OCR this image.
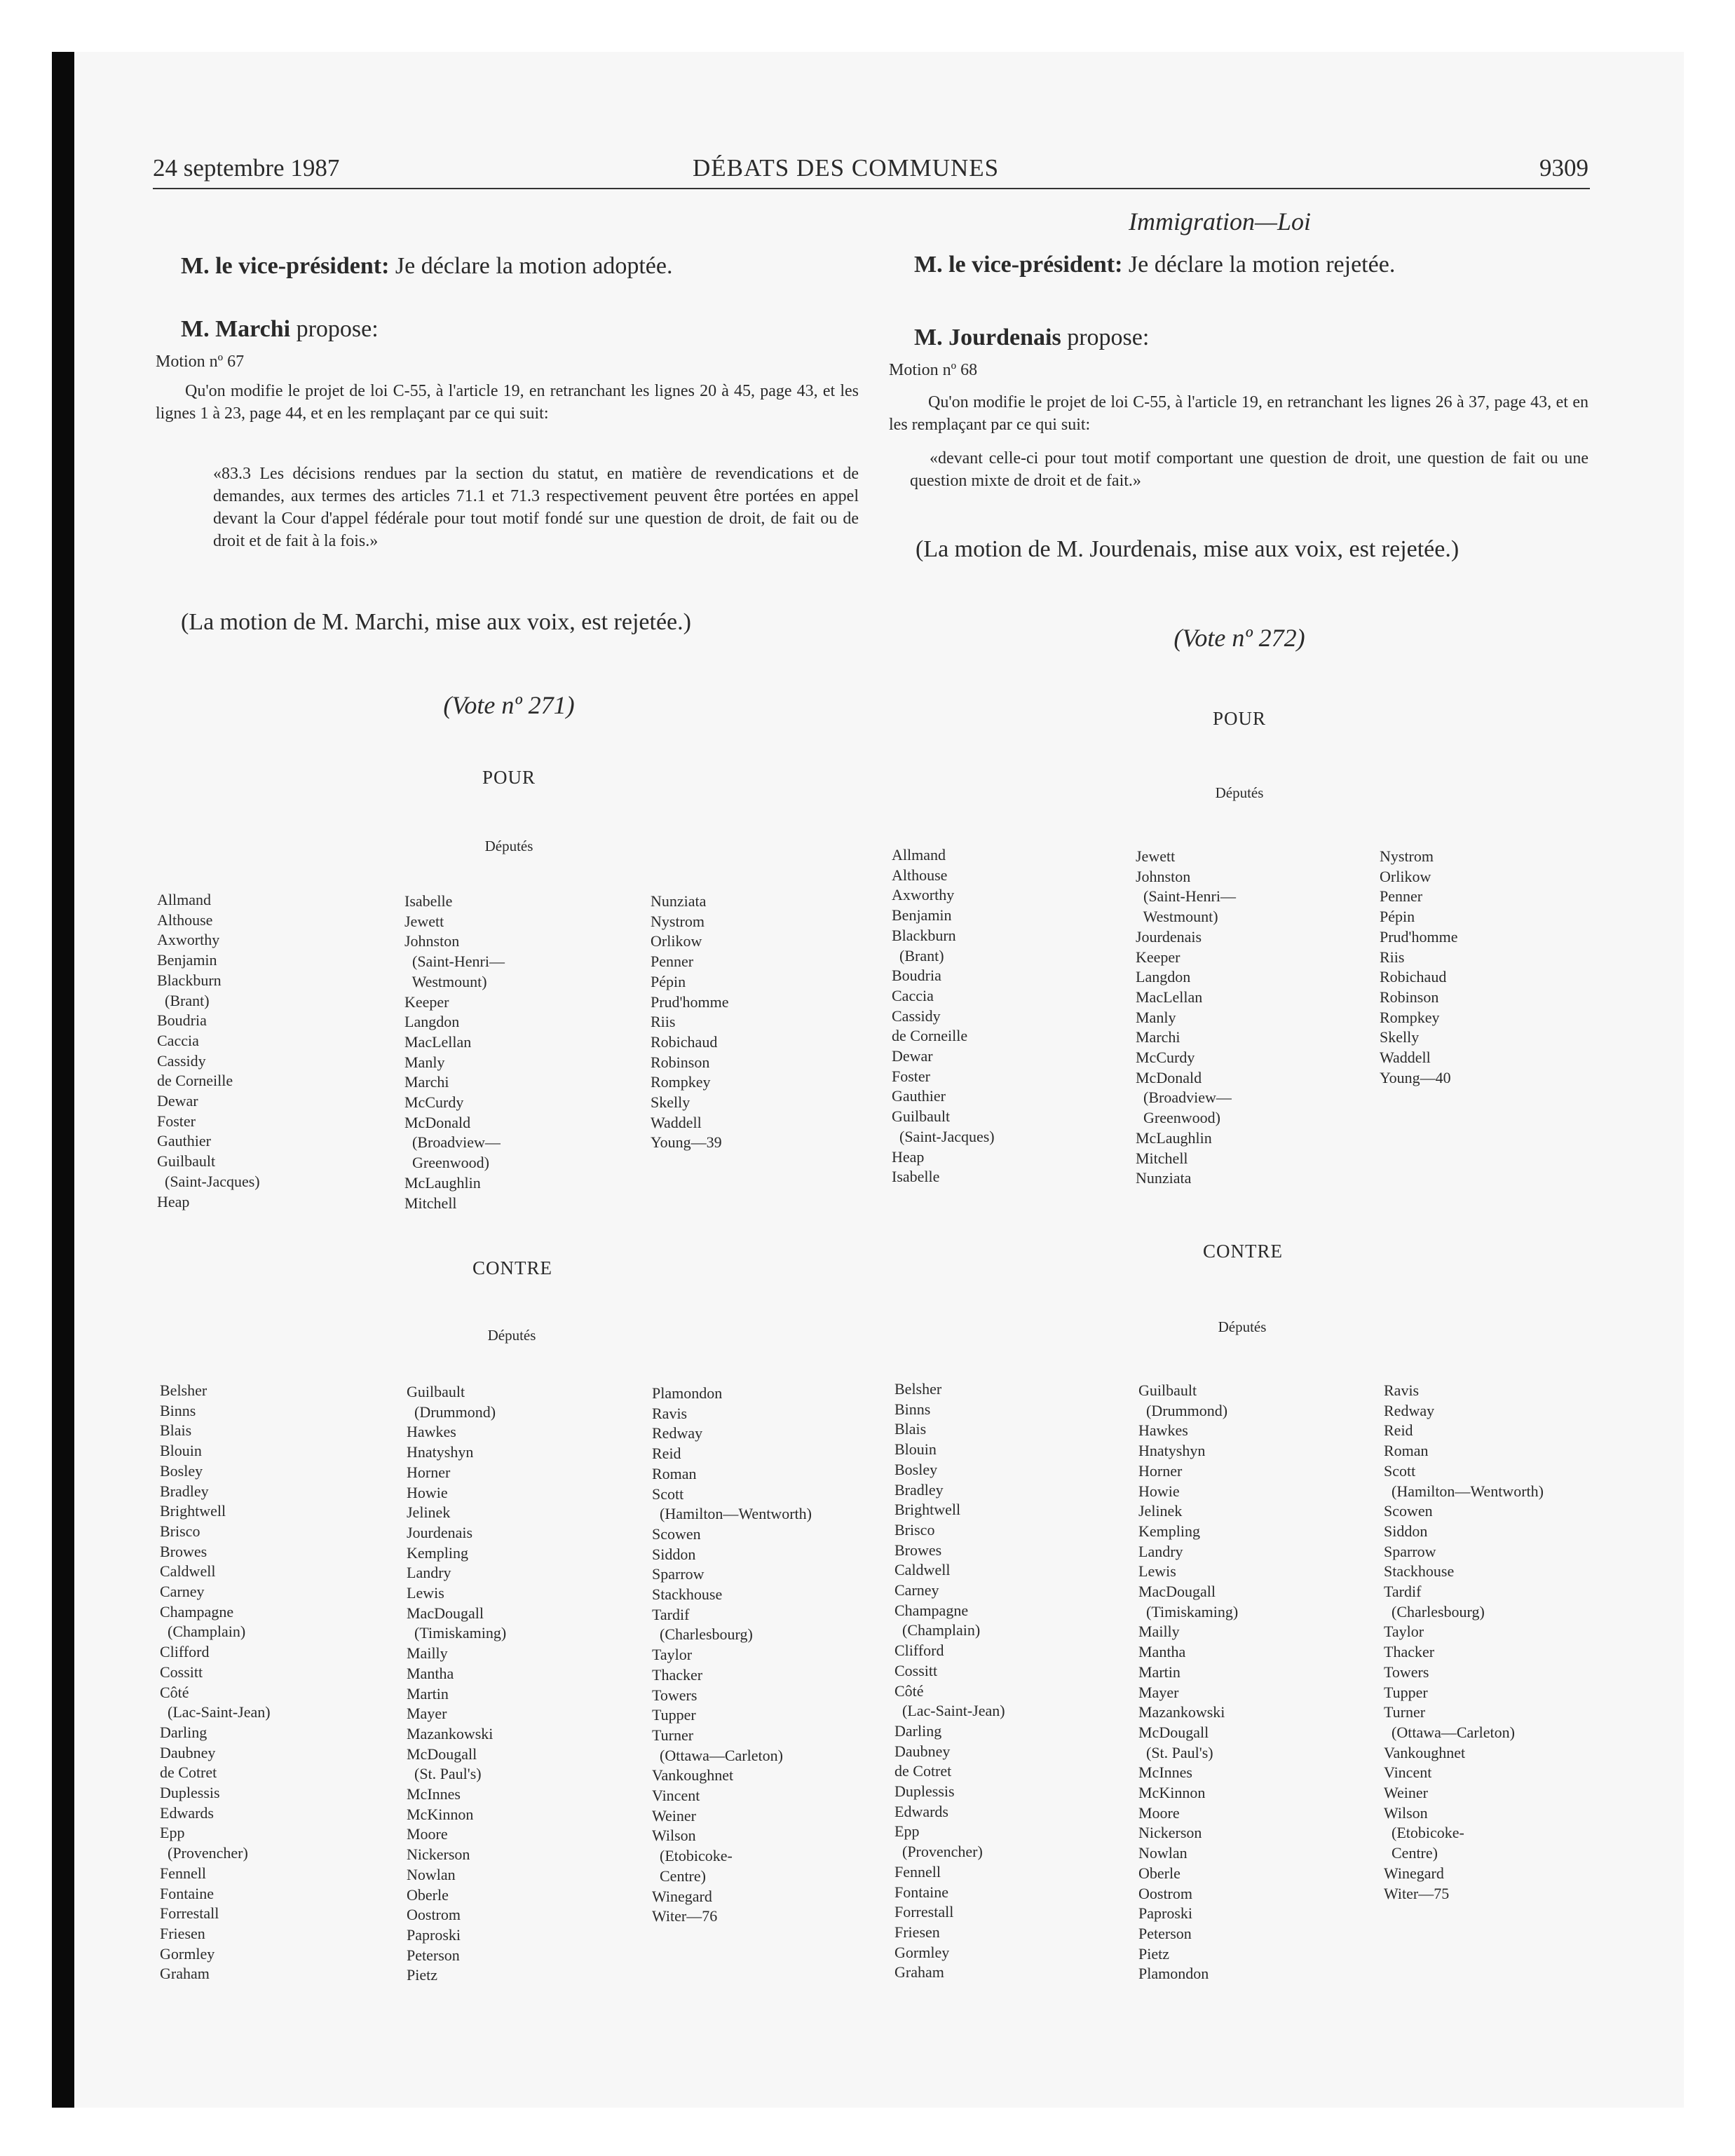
24 septembre 1987	DÉBATS DES COMMUNES	9309
Immigration—Loi
M. le vice-président: Je déclare la motion adoptée.
M. Marchi propose:
Motion nº 67
Qu'on modifie le projet de loi C-55, à l'article 19, en retranchant les lignes 20 à 45, page 43, et les lignes 1 à 23, page 44, et en les remplaçant par ce qui suit:
«83.3 Les décisions rendues par la section du statut, en matière de revendications et de demandes, aux termes des articles 71.1 et 71.3 respectivement peuvent être portées en appel devant la Cour d'appel fédérale pour tout motif fondé sur une question de droit, de fait ou de droit et de fait à la fois.»
(La motion de M. Marchi, mise aux voix, est rejetée.)
(Vote nº 271)
POUR
Députés
Allmand
Althouse
Axworthy
Benjamin
Blackburn
(Brant)
Boudria
Caccia
Cassidy
de Corneille
Dewar
Foster
Gauthier
Guilbault
(Saint-Jacques)
Heap
Isabelle
Jewett
Johnston
(Saint-Henri—
Westmount)
Keeper
Langdon
MacLellan
Manly
Marchi
McCurdy
McDonald
(Broadview—
Greenwood)
McLaughlin
Mitchell
Nunziata
Nystrom
Orlikow
Penner
Pépin
Prud'homme
Riis
Robichaud
Robinson
Rompkey
Skelly
Waddell
Young—39
CONTRE
Députés
Belsher
Binns
Blais
Blouin
Bosley
Bradley
Brightwell
Brisco
Browes
Caldwell
Carney
Champagne
(Champlain)
Clifford
Cossitt
Côté
(Lac-Saint-Jean)
Darling
Daubney
de Cotret
Duplessis
Edwards
Epp
(Provencher)
Fennell
Fontaine
Forrestall
Friesen
Gormley
Graham
Guilbault
(Drummond)
Hawkes
Hnatyshyn
Horner
Howie
Jelinek
Jourdenais
Kempling
Landry
Lewis
MacDougall
(Timiskaming)
Mailly
Mantha
Martin
Mayer
Mazankowski
McDougall
(St. Paul's)
McInnes
McKinnon
Moore
Nickerson
Nowlan
Oberle
Oostrom
Paproski
Peterson
Pietz
Plamondon
Ravis
Redway
Reid
Roman
Scott
(Hamilton—Wentworth)
Scowen
Siddon
Sparrow
Stackhouse
Tardif
(Charlesbourg)
Taylor
Thacker
Towers
Tupper
Turner
(Ottawa—Carleton)
Vankoughnet
Vincent
Weiner
Wilson
(Etobicoke-
Centre)
Winegard
Witer—76
M. le vice-président: Je déclare la motion rejetée.
M. Jourdenais propose:
Motion nº 68
Qu'on modifie le projet de loi C-55, à l'article 19, en retranchant les lignes 26 à 37, page 43, et en les remplaçant par ce qui suit:
«devant celle-ci pour tout motif comportant une question de droit, une question de fait ou une question mixte de droit et de fait.»
(La motion de M. Jourdenais, mise aux voix, est rejetée.)
(Vote nº 272)
POUR
Députés
Allmand
Althouse
Axworthy
Benjamin
Blackburn
(Brant)
Boudria
Caccia
Cassidy
de Corneille
Dewar
Foster
Gauthier
Guilbault
(Saint-Jacques)
Heap
Isabelle
Jewett
Johnston
(Saint-Henri—
Westmount)
Jourdenais
Keeper
Langdon
MacLellan
Manly
Marchi
McCurdy
McDonald
(Broadview—
Greenwood)
McLaughlin
Mitchell
Nunziata
Nystrom
Orlikow
Penner
Pépin
Prud'homme
Riis
Robichaud
Robinson
Rompkey
Skelly
Waddell
Young—40
CONTRE
Députés
Belsher
Binns
Blais
Blouin
Bosley
Bradley
Brightwell
Brisco
Browes
Caldwell
Carney
Champagne
(Champlain)
Clifford
Cossitt
Côté
(Lac-Saint-Jean)
Darling
Daubney
de Cotret
Duplessis
Edwards
Epp
(Provencher)
Fennell
Fontaine
Forrestall
Friesen
Gormley
Graham
Guilbault
(Drummond)
Hawkes
Hnatyshyn
Horner
Howie
Jelinek
Kempling
Landry
Lewis
MacDougall
(Timiskaming)
Mailly
Mantha
Martin
Mayer
Mazankowski
McDougall
(St. Paul's)
McInnes
McKinnon
Moore
Nickerson
Nowlan
Oberle
Oostrom
Paproski
Peterson
Pietz
Plamondon
Ravis
Redway
Reid
Roman
Scott
(Hamilton—Wentworth)
Scowen
Siddon
Sparrow
Stackhouse
Tardif
(Charlesbourg)
Taylor
Thacker
Towers
Tupper
Turner
(Ottawa—Carleton)
Vankoughnet
Vincent
Weiner
Wilson
(Etobicoke-
Centre)
Winegard
Witer—75
